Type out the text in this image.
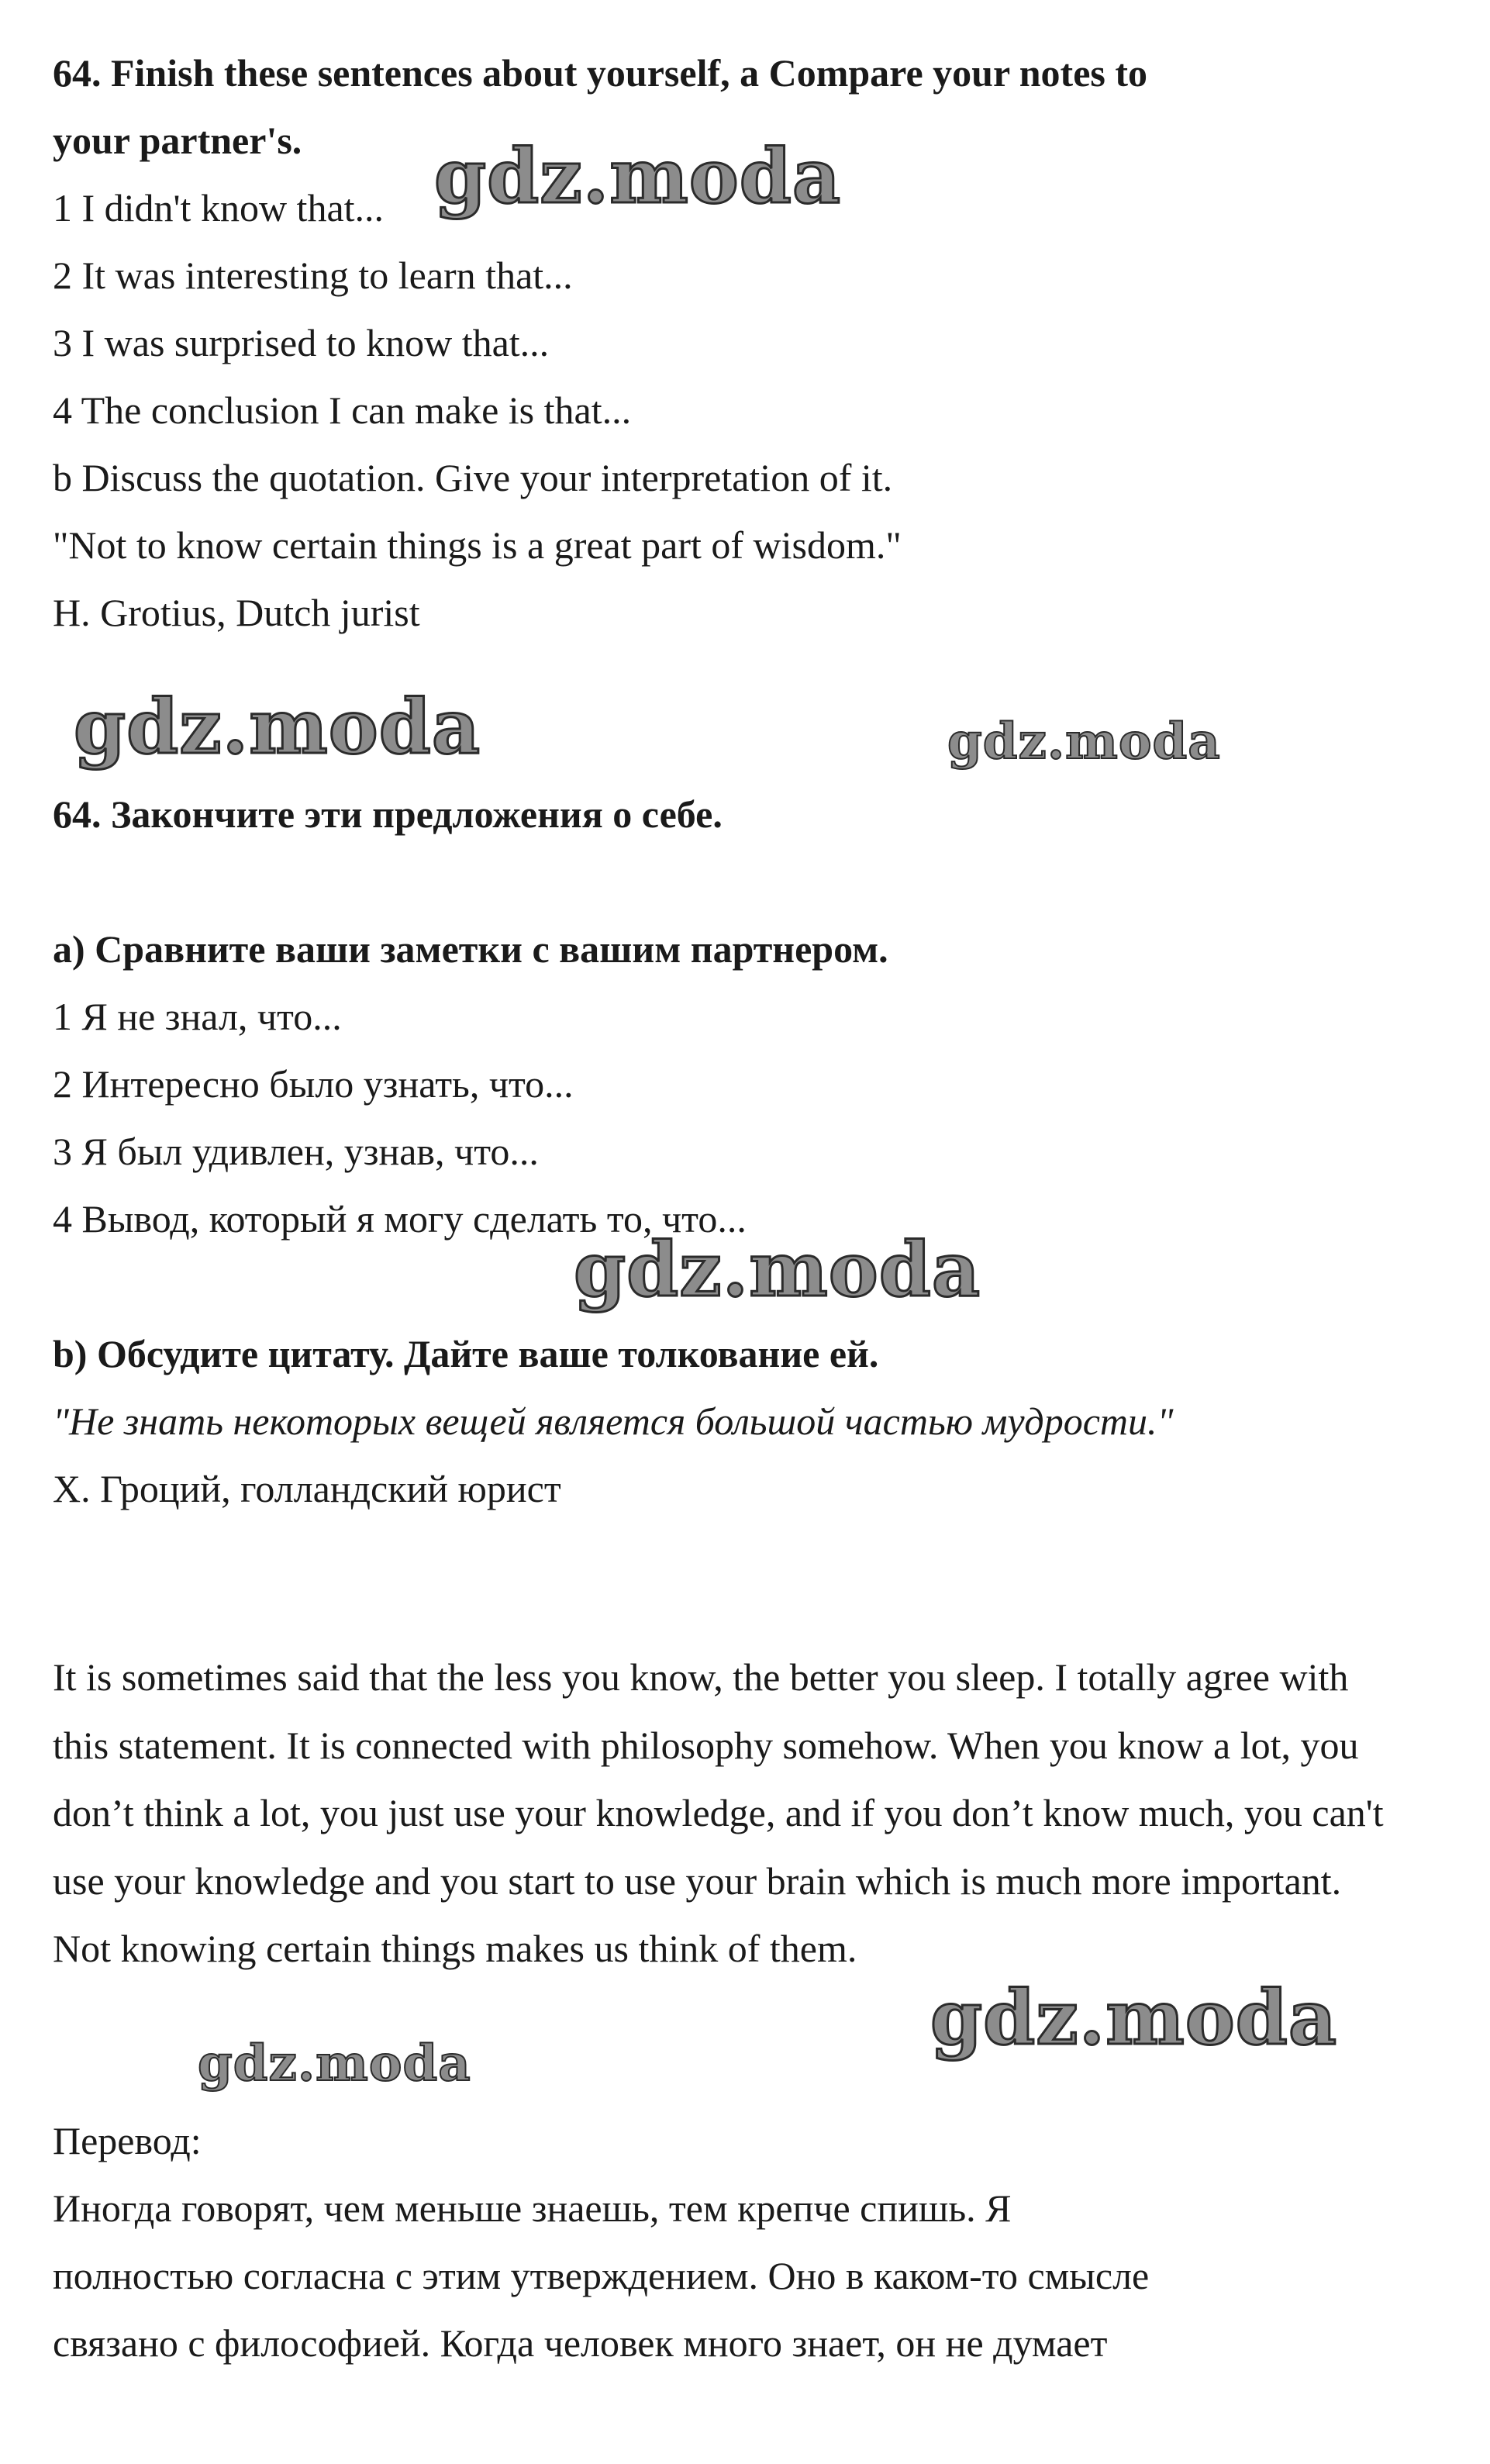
64. Finish these sentences about yourself, a Compare your notes to
your partner's.
1 I didn't know that...
2 It was interesting to learn that...
3 I was surprised to know that...
4 The conclusion I can make is that...
b Discuss the quotation. Give your interpretation of it.
"Not to know certain things is a great part of wisdom."
H. Grotius, Dutch jurist
64. Закончите эти предложения о себе.
а) Сравните ваши заметки с вашим партнером.
1 Я не знал, что...
2 Интересно было узнать, что...
3 Я был удивлен, узнав, что...
4 Вывод, который я могу сделать то, что...
b) Обсудите цитату. Дайте ваше толкование ей.
"Не знать некоторых вещей является большой частью мудрости."
Х. Гроций, голландский юрист
It is sometimes said that the less you know, the better you sleep. I totally agree with this statement. It is connected with philosophy somehow. When you know a lot, you don’t think a lot, you just use your knowledge, and if you don’t know much, you can't use your knowledge and you start to use your brain which is much more important. Not knowing certain things makes us think of them.
Перевод:
Иногда говорят, чем меньше знаешь, тем крепче спишь. Я
полностью согласна с этим утверждением. Оно в каком-то смысле
связано с философией. Когда человек много знает, он не думает
gdz.moda
gdz.moda	gdz.moda
gdz.moda
gdz.moda
gdz.moda
